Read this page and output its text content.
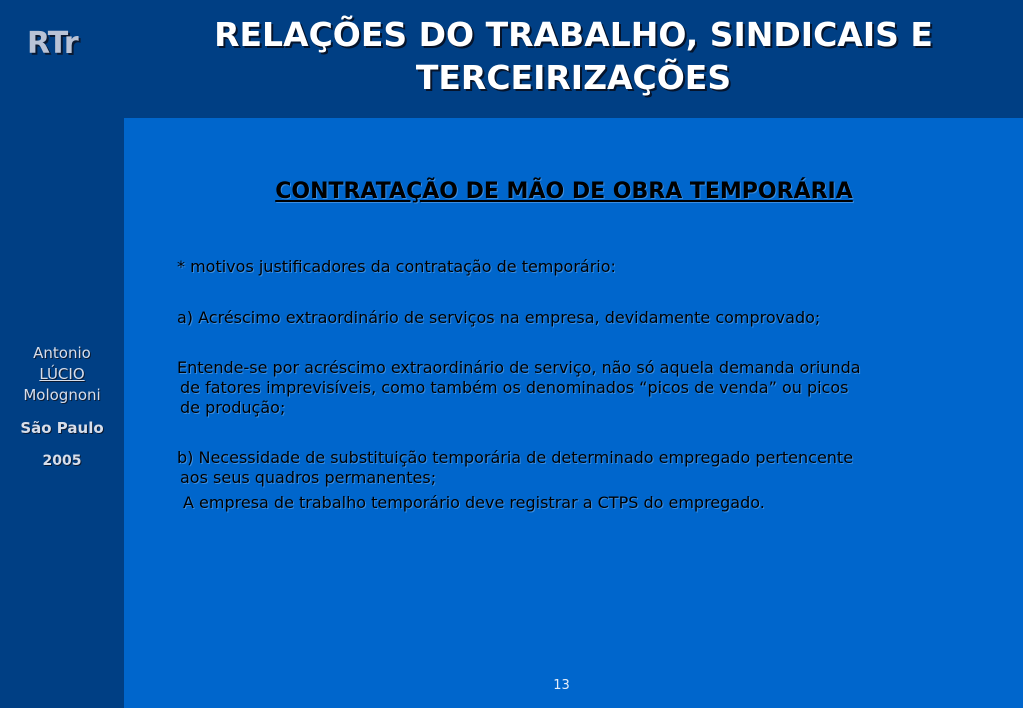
RTr
Antonio
LÚCIO
Molognoni
São Paulo
2005
RELAÇÕES DO TRABALHO, SINDICAIS E
TERCEIRIZAÇÕES
CONTRATAÇÃO DE MÃO DE OBRA TEMPORÁRIA
* motivos justificadores da contratação de temporário:
a) Acréscimo extraordinário de serviços na empresa, devidamente comprovado;
Entende-se por acréscimo extraordinário de serviço, não só aquela demanda oriunda
de fatores imprevisíveis, como também os denominados “picos de venda” ou picos
de produção;
b) Necessidade de substituição temporária de determinado empregado pertencente
aos seus quadros permanentes;
A empresa de trabalho temporário deve registrar a CTPS do empregado.
13
